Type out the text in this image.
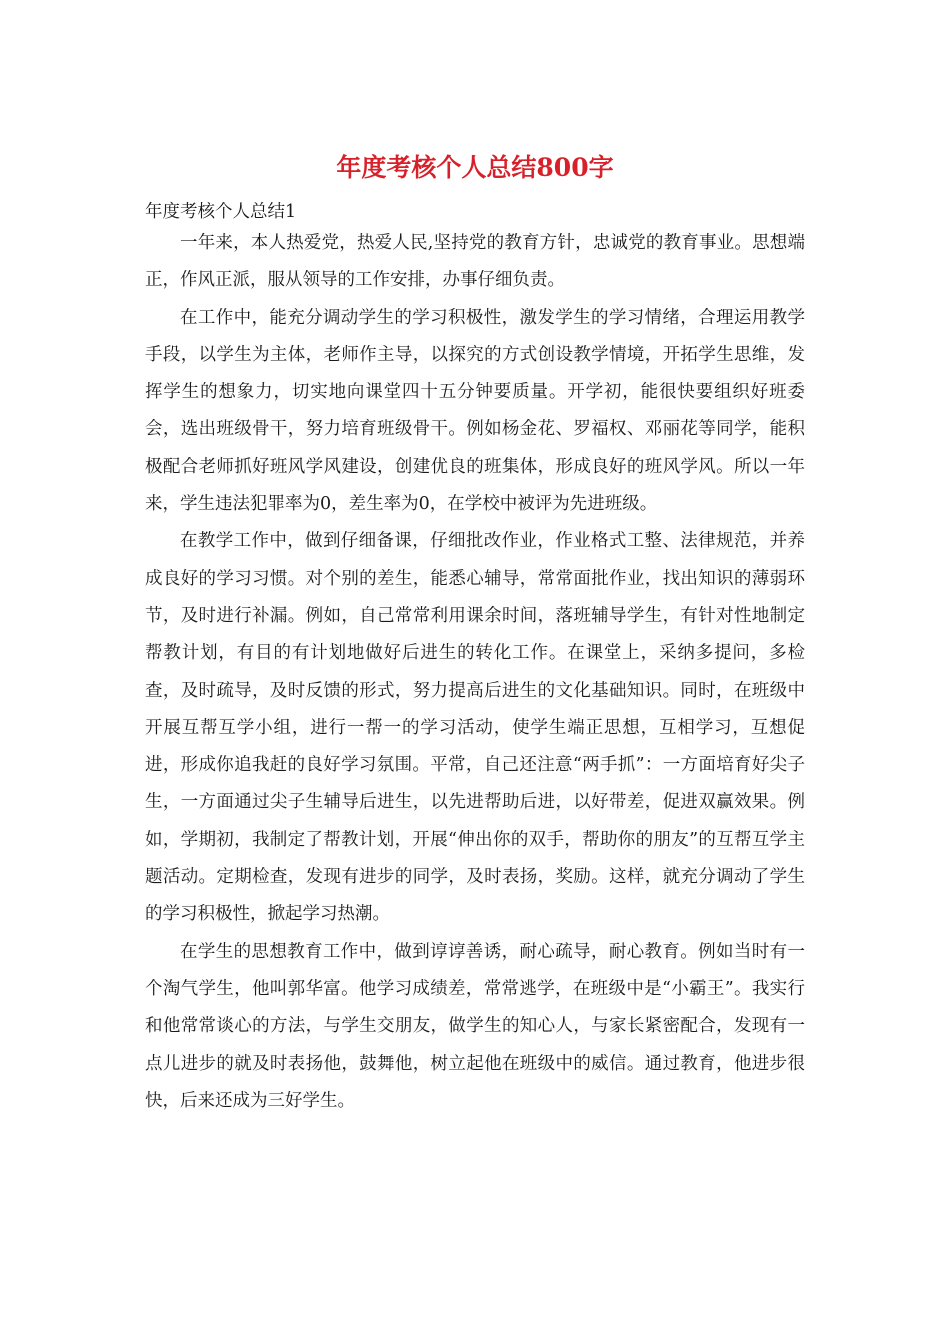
年度考核个人总结800字
年度考核个人总结1

一年来，本人热爱党，热爱人民,坚持党的教育方针，忠诚党的教育事业。思想端正，作风正派，服从领导的工作安排，办事仔细负责。

在工作中，能充分调动学生的学习积极性，激发学生的学习情绪，合理运用教学手段，以学生为主体，老师作主导，以探究的方式创设教学情境，开拓学生思维，发挥学生的想象力，切实地向课堂四十五分钟要质量。开学初，能很快要组织好班委会，选出班级骨干，努力培育班级骨干。例如杨金花、罗福权、邓丽花等同学，能积极配合老师抓好班风学风建设，创建优良的班集体，形成良好的班风学风。所以一年来，学生违法犯罪率为0，差生率为0，在学校中被评为先进班级。

在教学工作中，做到仔细备课，仔细批改作业，作业格式工整、法律规范，并养成良好的学习习惯。对个别的差生，能悉心辅导，常常面批作业，找出知识的薄弱环节，及时进行补漏。例如，自己常常利用课余时间，落班辅导学生，有针对性地制定帮教计划，有目的有计划地做好后进生的转化工作。在课堂上，采纳多提问，多检查，及时疏导，及时反馈的形式，努力提高后进生的文化基础知识。同时，在班级中开展互帮互学小组，进行一帮一的学习活动，使学生端正思想，互相学习，互想促进，形成你追我赶的良好学习氛围。平常，自己还注意“两手抓”：一方面培育好尖子生，一方面通过尖子生辅导后进生，以先进帮助后进，以好带差，促进双赢效果。例如，学期初，我制定了帮教计划，开展“伸出你的双手，帮助你的朋友”的互帮互学主题活动。定期检查，发现有进步的同学，及时表扬，奖励。这样，就充分调动了学生的学习积极性，掀起学习热潮。

在学生的思想教育工作中，做到谆谆善诱，耐心疏导，耐心教育。例如当时有一个淘气学生，他叫郭华富。他学习成绩差，常常逃学，在班级中是“小霸王”。我实行和他常常谈心的方法，与学生交朋友，做学生的知心人，与家长紧密配合，发现有一点儿进步的就及时表扬他，鼓舞他，树立起他在班级中的威信。通过教育，他进步很快，后来还成为三好学生。
